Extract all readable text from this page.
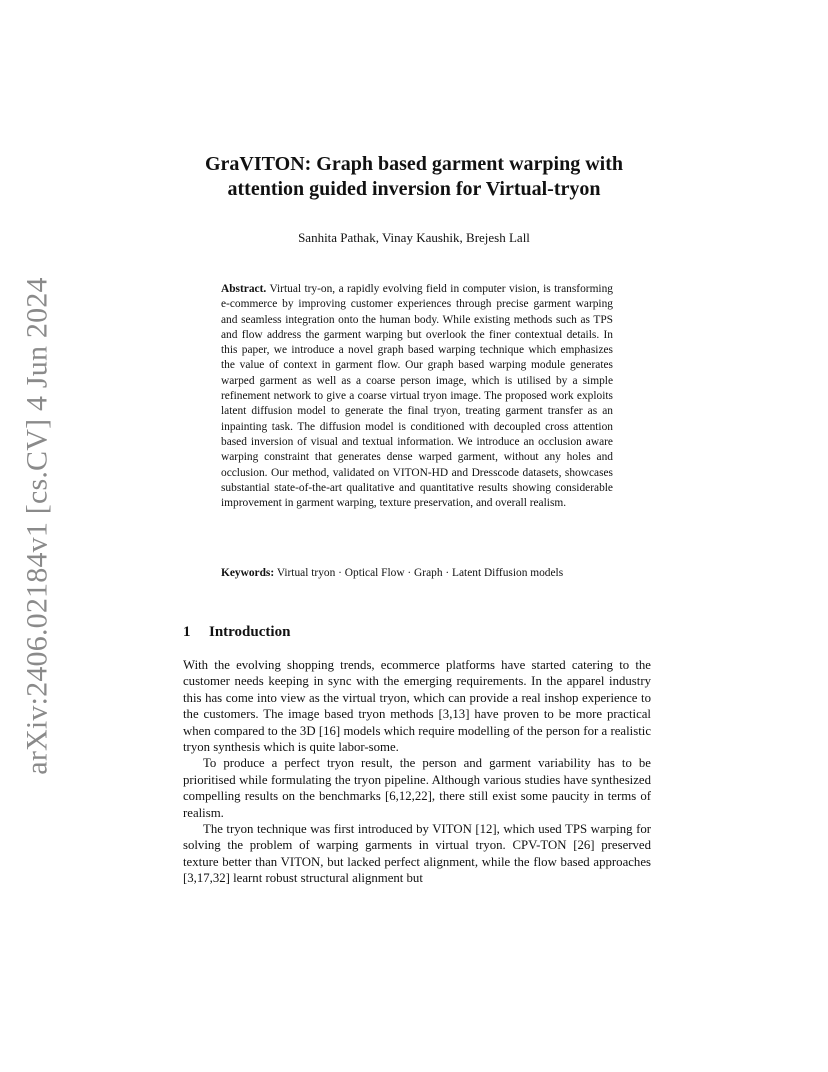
arXiv:2406.02184v1 [cs.CV] 4 Jun 2024
GraVITON: Graph based garment warping with
attention guided inversion for Virtual-tryon

Sanhita Pathak, Vinay Kaushik, Brejesh Lall

Abstract. Virtual try-on, a rapidly evolving field in computer vision, is transforming e-commerce by improving customer experiences through precise garment warping and seamless integration onto the human body. While existing methods such as TPS and flow address the garment warping but overlook the finer contextual details. In this paper, we introduce a novel graph based warping technique which emphasizes the value of context in garment flow. Our graph based warping module generates warped garment as well as a coarse person image, which is utilised by a simple refinement network to give a coarse virtual tryon image. The proposed work exploits latent diffusion model to generate the final tryon, treating garment transfer as an inpainting task. The diffusion model is conditioned with decoupled cross attention based inversion of visual and textual information. We introduce an occlusion aware warping constraint that generates dense warped garment, without any holes and occlusion. Our method, validated on VITON-HD and Dresscode datasets, showcases substantial state-of-the-art qualitative and quantitative results showing considerable improvement in garment warping, texture preservation, and overall realism.

Keywords: Virtual tryon · Optical Flow · Graph · Latent Diffusion models

1 Introduction

With the evolving shopping trends, ecommerce platforms have started catering to the customer needs keeping in sync with the emerging requirements. In the apparel industry this has come into view as the virtual tryon, which can provide a real inshop experience to the customers. The image based tryon methods [3,13] have proven to be more practical when compared to the 3D [16] models which require modelling of the person for a realistic tryon synthesis which is quite labor-some.

To produce a perfect tryon result, the person and garment variability has to be prioritised while formulating the tryon pipeline. Although various studies have synthesized compelling results on the benchmarks [6,12,22], there still exist some paucity in terms of realism.

The tryon technique was first introduced by VITON [12], which used TPS warping for solving the problem of warping garments in virtual tryon. CPV-TON [26] preserved texture better than VITON, but lacked perfect alignment, while the flow based approaches [3,17,32] learnt robust structural alignment but
